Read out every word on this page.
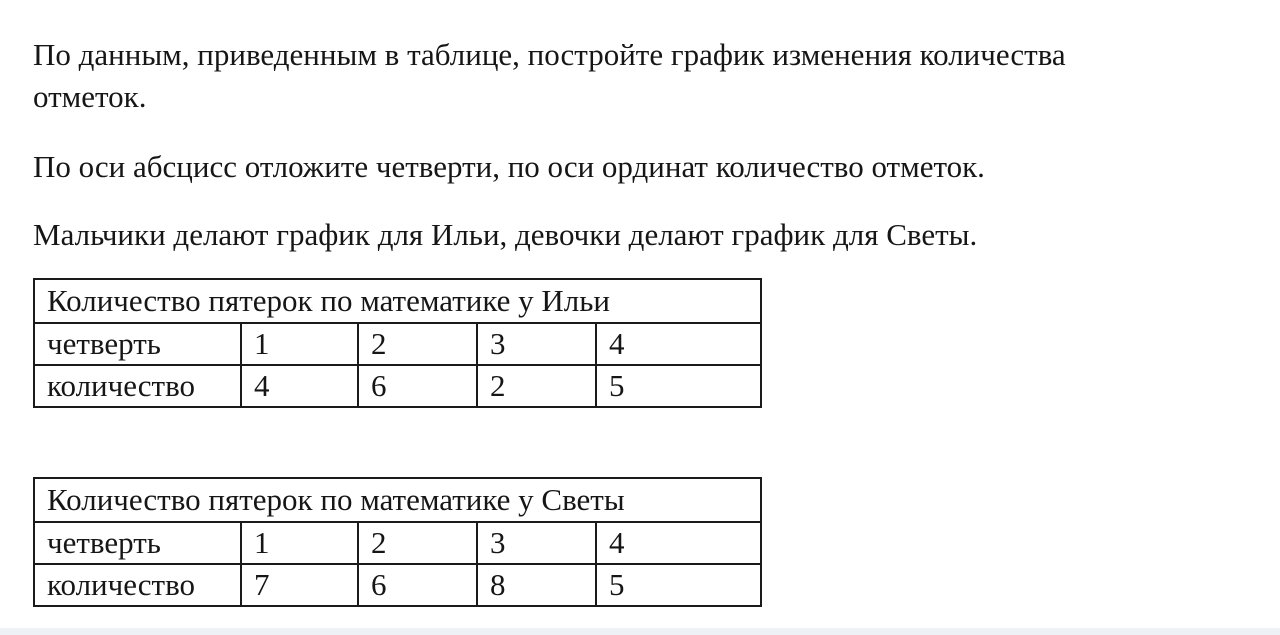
По данным, приведенным в таблице, постройте график изменения количества
отметок.

По оси абсцисс отложите четверти, по оси ординат количество отметок.

Мальчики делают график для Ильи, девочки делают график для Светы.

Количество пятерок по математике у Ильи				
четверть	1	2	3	4
количество	4	6	2	5
Количество пятерок по математике у Светы				
четверть	1	2	3	4
количество	7	6	8	5
